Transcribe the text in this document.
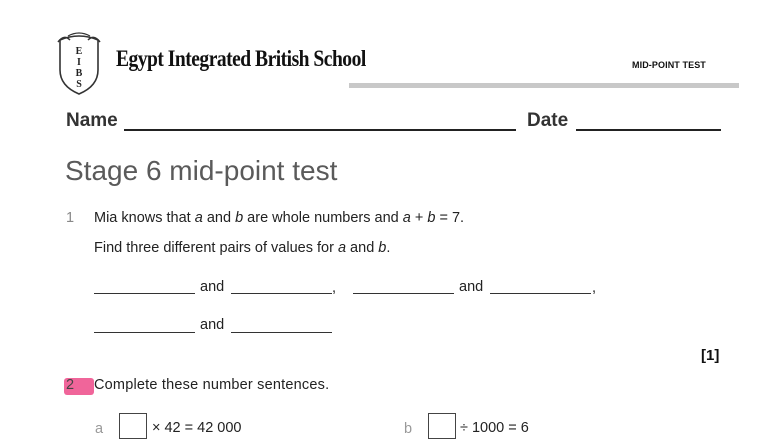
E
I
B
S
Egypt Integrated British School	MID-POINT TEST
Name	Date
Stage 6 mid-point test
1 Mia knows that a and b are whole numbers and a + b = 7.
Find three different pairs of values for a and b.
and	,	and	,
and
[1]
2 Complete these number sentences.
a	× 42 = 42 000	b	÷ 1000 = 6
